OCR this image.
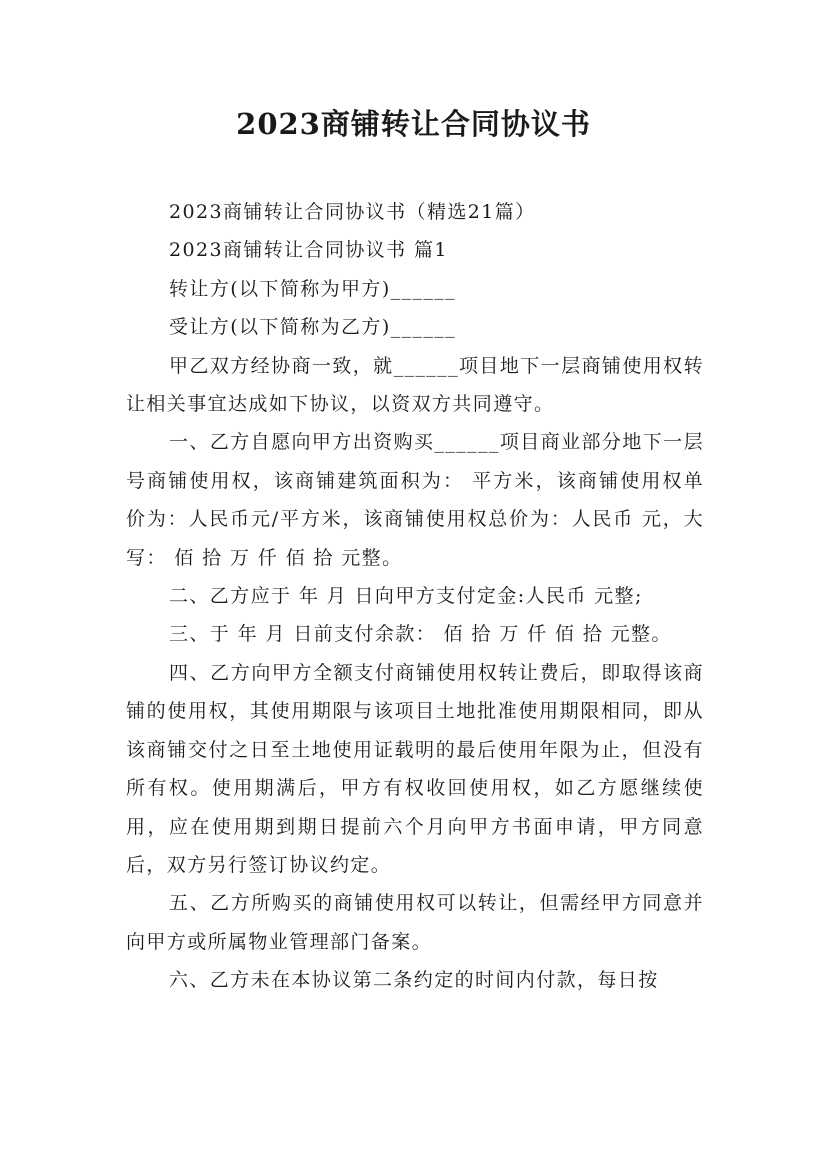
2023商铺转让合同协议书

2023商铺转让合同协议书（精选21篇）

2023商铺转让合同协议书 篇1

转让方(以下简称为甲方)______

受让方(以下简称为乙方)______

甲乙双方经协商一致，就______项目地下一层商铺使用权转让相关事宜达成如下协议，以资双方共同遵守。

一、乙方自愿向甲方出资购买______项目商业部分地下一层 号商铺使用权，该商铺建筑面积为： 平方米，该商铺使用权单价为：人民币元/平方米，该商铺使用权总价为：人民币 元，大写： 佰 拾 万 仟 佰 拾 元整。

二、乙方应于 年 月 日向甲方支付定金:人民币 元整;

三、于 年 月 日前支付余款： 佰 拾 万 仟 佰 拾 元整。

四、乙方向甲方全额支付商铺使用权转让费后，即取得该商铺的使用权，其使用期限与该项目土地批准使用期限相同，即从该商铺交付之日至土地使用证载明的最后使用年限为止，但没有所有权。使用期满后，甲方有权收回使用权，如乙方愿继续使用，应在使用期到期日提前六个月向甲方书面申请，甲方同意后，双方另行签订协议约定。

五、乙方所购买的商铺使用权可以转让，但需经甲方同意并向甲方或所属物业管理部门备案。

六、乙方未在本协议第二条约定的时间内付款，每日按
